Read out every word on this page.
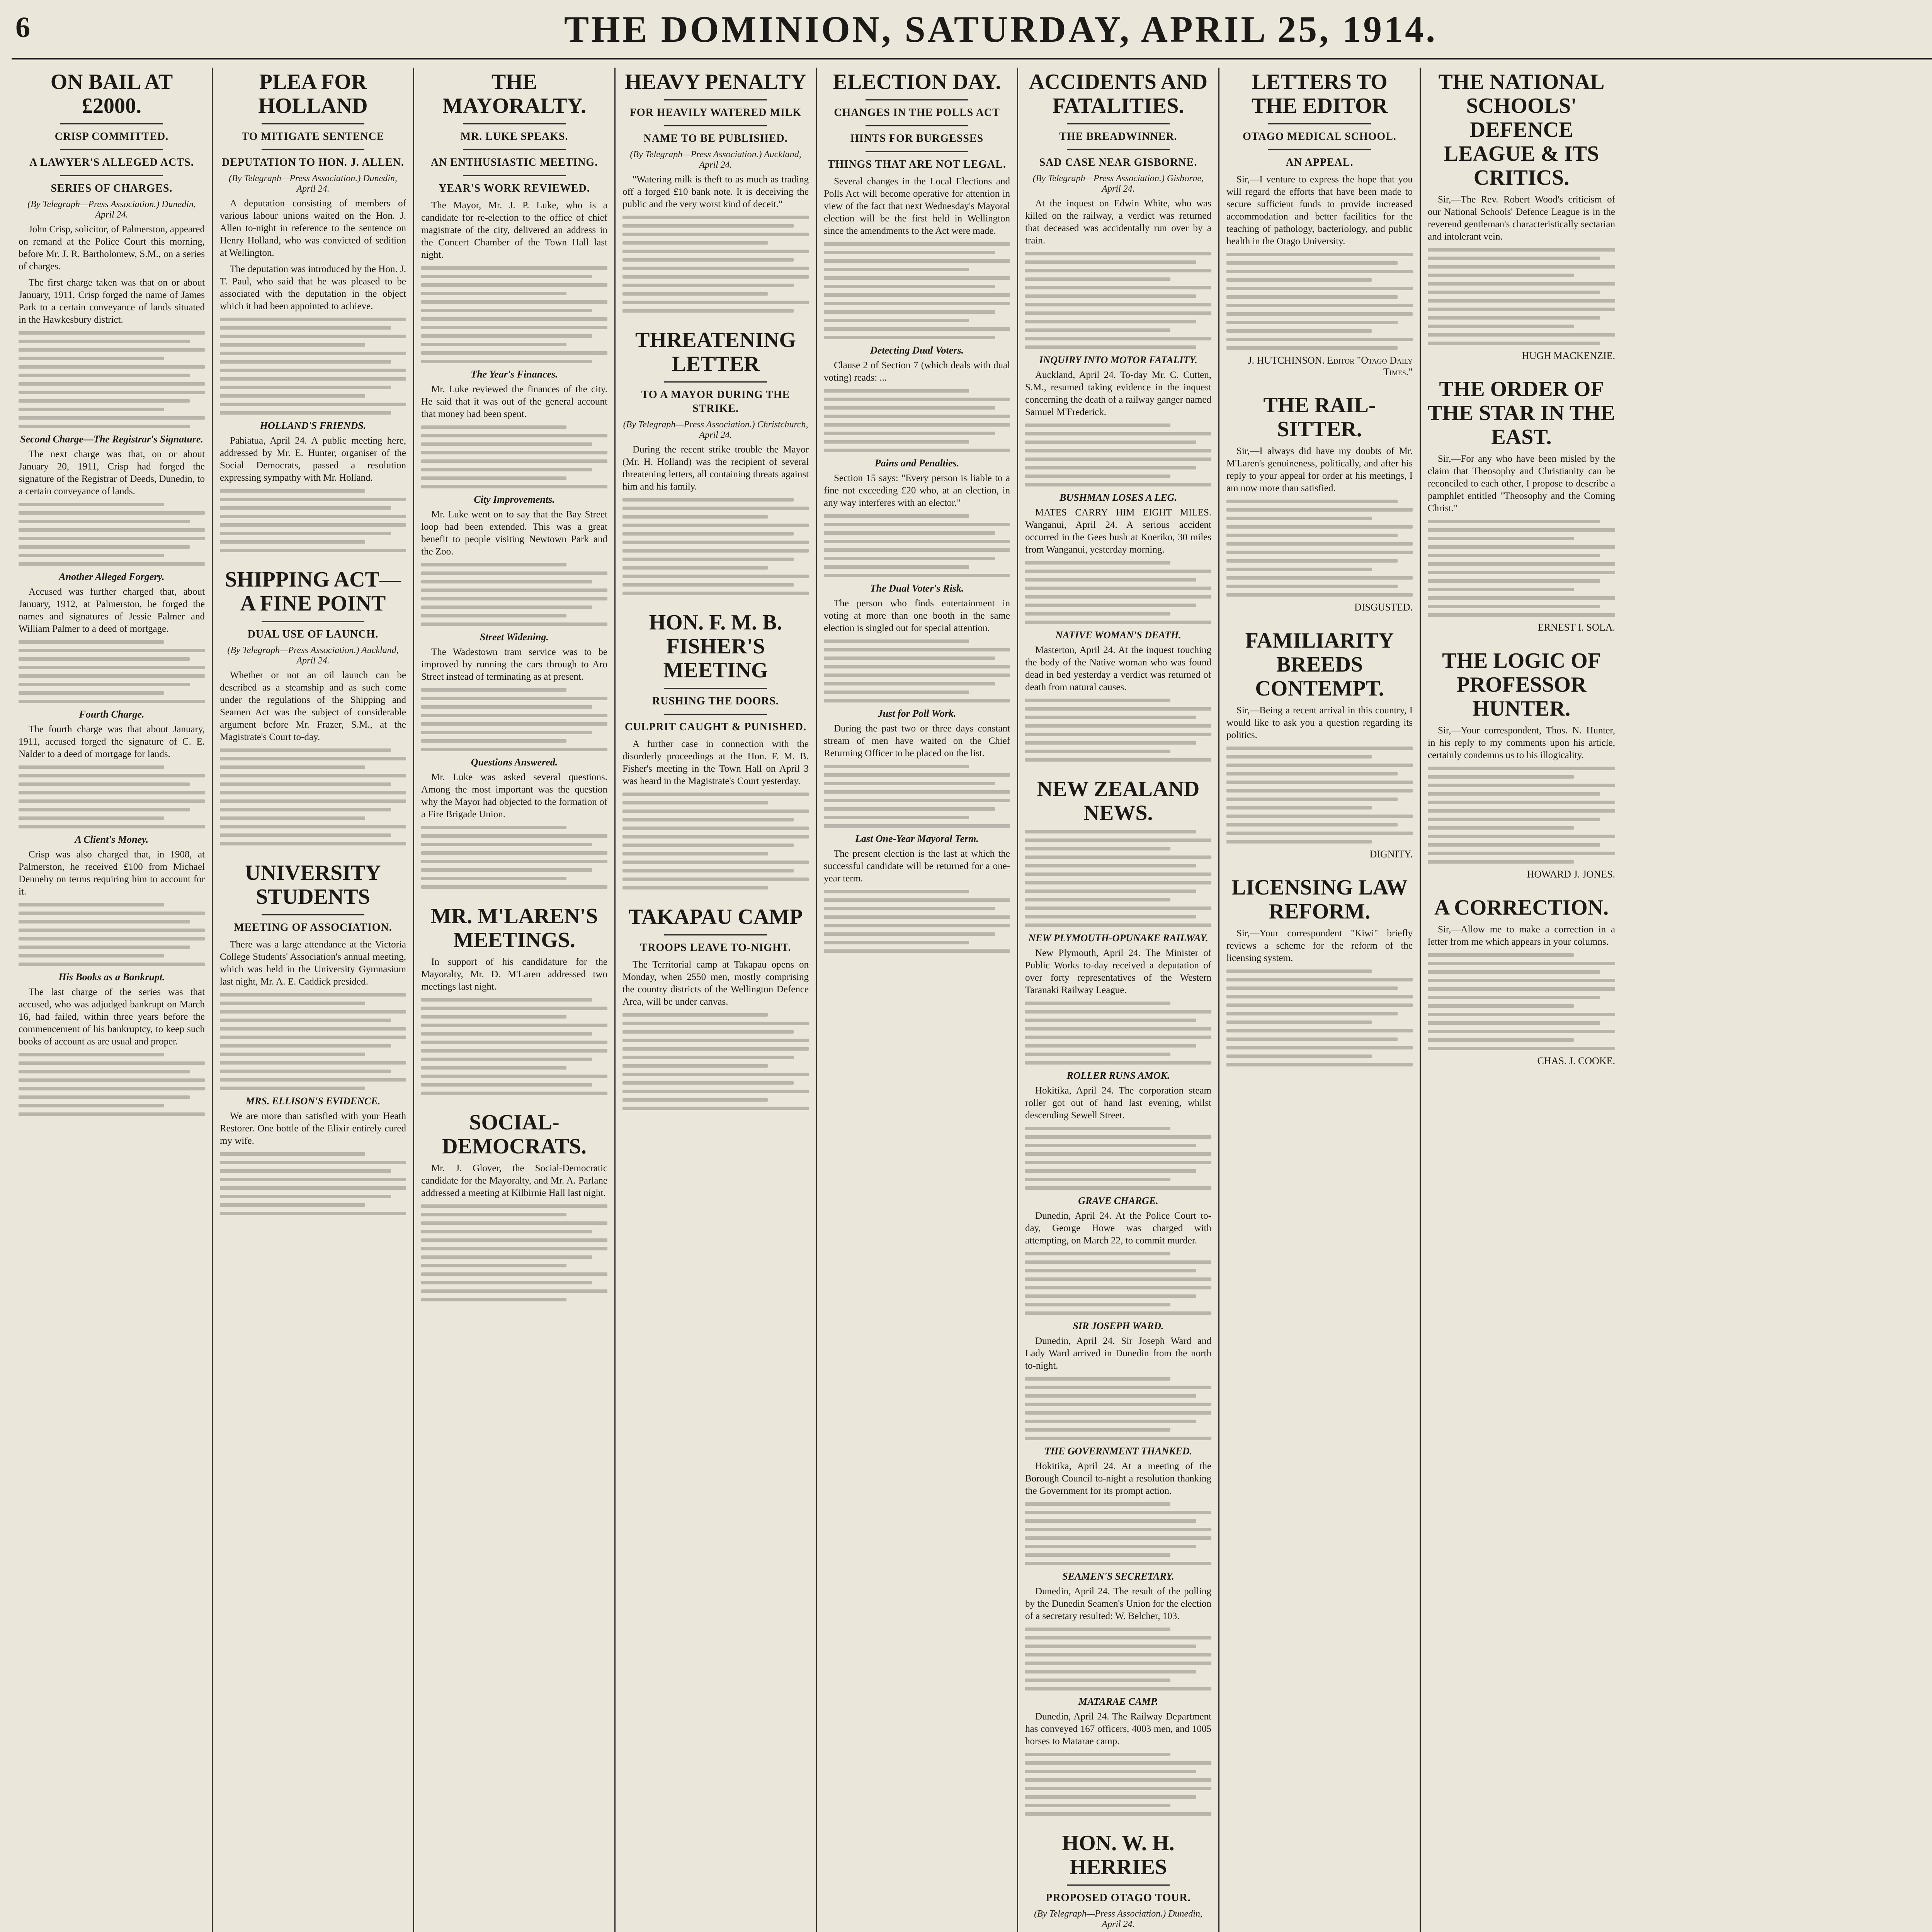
6	THE DOMINION, SATURDAY, APRIL 25, 1914.
ON BAIL AT £2000.
CRISP COMMITTED.
A LAWYER'S ALLEGED ACTS.
SERIES OF CHARGES.
(By Telegraph—Press Association.) Dunedin, April 24.

John Crisp, solicitor, of Palmerston, appeared on remand at the Police Court this morning, before Mr. J. R. Bartholomew, S.M., on a series of charges.

The first charge taken was that on or about January, 1911, Crisp forged the name of James Park to a certain conveyance of lands situated in the Hawkesbury district.

Second Charge—The Registrar's Signature.

The next charge was that, on or about January 20, 1911, Crisp had forged the signature of the Registrar of Deeds, Dunedin, to a certain conveyance of lands.

Another Alleged Forgery.

Accused was further charged that, about January, 1912, at Palmerston, he forged the names and signatures of Jessie Palmer and William Palmer to a deed of mortgage.

Fourth Charge.

The fourth charge was that about January, 1911, accused forged the signature of C. E. Nalder to a deed of mortgage for lands.

A Client's Money.

Crisp was also charged that, in 1908, at Palmerston, he received £100 from Michael Dennehy on terms requiring him to account for it.

His Books as a Bankrupt.

The last charge of the series was that accused, who was adjudged bankrupt on March 16, had failed, within three years before the commencement of his bankruptcy, to keep such books of account as are usual and proper.

PLEA FOR HOLLAND
TO MITIGATE SENTENCE
DEPUTATION TO HON. J. ALLEN.
(By Telegraph—Press Association.) Dunedin, April 24.

A deputation consisting of members of various labour unions waited on the Hon. J. Allen to-night in reference to the sentence on Henry Holland, who was convicted of sedition at Wellington.

The deputation was introduced by the Hon. J. T. Paul, who said that he was pleased to be associated with the deputation in the object which it had been appointed to achieve.

HOLLAND'S FRIENDS.

Pahiatua, April 24. A public meeting here, addressed by Mr. E. Hunter, organiser of the Social Democrats, passed a resolution expressing sympathy with Mr. Holland.

SHIPPING ACT—A FINE POINT
DUAL USE OF LAUNCH.
(By Telegraph—Press Association.) Auckland, April 24.

Whether or not an oil launch can be described as a steamship and as such come under the regulations of the Shipping and Seamen Act was the subject of considerable argument before Mr. Frazer, S.M., at the Magistrate's Court to-day.

UNIVERSITY STUDENTS
MEETING OF ASSOCIATION.

There was a large attendance at the Victoria College Students' Association's annual meeting, which was held in the University Gymnasium last night, Mr. A. E. Caddick presided.

MRS. ELLISON'S EVIDENCE.

We are more than satisfied with your Heath Restorer. One bottle of the Elixir entirely cured my wife.

THE MAYORALTY.
MR. LUKE SPEAKS.
AN ENTHUSIASTIC MEETING.
YEAR'S WORK REVIEWED.

The Mayor, Mr. J. P. Luke, who is a candidate for re-election to the office of chief magistrate of the city, delivered an address in the Concert Chamber of the Town Hall last night.

The Year's Finances.

Mr. Luke reviewed the finances of the city. He said that it was out of the general account that money had been spent.

City Improvements.

Mr. Luke went on to say that the Bay Street loop had been extended. This was a great benefit to people visiting Newtown Park and the Zoo.

Street Widening.

The Wadestown tram service was to be improved by running the cars through to Aro Street instead of terminating as at present.

Questions Answered.

Mr. Luke was asked several questions. Among the most important was the question why the Mayor had objected to the formation of a Fire Brigade Union.

MR. M'LAREN'S MEETINGS.

In support of his candidature for the Mayoralty, Mr. D. M'Laren addressed two meetings last night.

SOCIAL-DEMOCRATS.

Mr. J. Glover, the Social-Democratic candidate for the Mayoralty, and Mr. A. Parlane addressed a meeting at Kilbirnie Hall last night.

HEAVY PENALTY
FOR HEAVILY WATERED MILK
NAME TO BE PUBLISHED.
(By Telegraph—Press Association.) Auckland, April 24.

"Watering milk is theft to as much as trading off a forged £10 bank note. It is deceiving the public and the very worst kind of deceit."

THREATENING LETTER
TO A MAYOR DURING THE STRIKE.
(By Telegraph—Press Association.) Christchurch, April 24.

During the recent strike trouble the Mayor (Mr. H. Holland) was the recipient of several threatening letters, all containing threats against him and his family.

HON. F. M. B. FISHER'S MEETING
RUSHING THE DOORS.
CULPRIT CAUGHT & PUNISHED.

A further case in connection with the disorderly proceedings at the Hon. F. M. B. Fisher's meeting in the Town Hall on April 3 was heard in the Magistrate's Court yesterday.

TAKAPAU CAMP
TROOPS LEAVE TO-NIGHT.

The Territorial camp at Takapau opens on Monday, when 2550 men, mostly comprising the country districts of the Wellington Defence Area, will be under canvas.

ELECTION DAY.
CHANGES IN THE POLLS ACT
HINTS FOR BURGESSES
THINGS THAT ARE NOT LEGAL.

Several changes in the Local Elections and Polls Act will become operative for attention in view of the fact that next Wednesday's Mayoral election will be the first held in Wellington since the amendments to the Act were made.

Detecting Dual Voters.

Clause 2 of Section 7 (which deals with dual voting) reads: ...

Pains and Penalties.

Section 15 says: "Every person is liable to a fine not exceeding £20 who, at an election, in any way interferes with an elector."

The Dual Voter's Risk.

The person who finds entertainment in voting at more than one booth in the same election is singled out for special attention.

Just for Poll Work.

During the past two or three days constant stream of men have waited on the Chief Returning Officer to be placed on the list.

Last One-Year Mayoral Term.

The present election is the last at which the successful candidate will be returned for a one-year term.

ACCIDENTS AND FATALITIES.
THE BREADWINNER.
SAD CASE NEAR GISBORNE.
(By Telegraph—Press Association.) Gisborne, April 24.

At the inquest on Edwin White, who was killed on the railway, a verdict was returned that deceased was accidentally run over by a train.

INQUIRY INTO MOTOR FATALITY.

Auckland, April 24. To-day Mr. C. Cutten, S.M., resumed taking evidence in the inquest concerning the death of a railway ganger named Samuel M'Frederick.

BUSHMAN LOSES A LEG.

MATES CARRY HIM EIGHT MILES. Wanganui, April 24. A serious accident occurred in the Gees bush at Koeriko, 30 miles from Wanganui, yesterday morning.

NATIVE WOMAN'S DEATH.

Masterton, April 24. At the inquest touching the body of the Native woman who was found dead in bed yesterday a verdict was returned of death from natural causes.

NEW ZEALAND NEWS.
NEW PLYMOUTH-OPUNAKE RAILWAY.

New Plymouth, April 24. The Minister of Public Works to-day received a deputation of over forty representatives of the Western Taranaki Railway League.

ROLLER RUNS AMOK.

Hokitika, April 24. The corporation steam roller got out of hand last evening, whilst descending Sewell Street.

GRAVE CHARGE.

Dunedin, April 24. At the Police Court to-day, George Howe was charged with attempting, on March 22, to commit murder.

SIR JOSEPH WARD.

Dunedin, April 24. Sir Joseph Ward and Lady Ward arrived in Dunedin from the north to-night.

THE GOVERNMENT THANKED.

Hokitika, April 24. At a meeting of the Borough Council to-night a resolution thanking the Government for its prompt action.

SEAMEN'S SECRETARY.

Dunedin, April 24. The result of the polling by the Dunedin Seamen's Union for the election of a secretary resulted: W. Belcher, 103.

MATARAE CAMP.

Dunedin, April 24. The Railway Department has conveyed 167 officers, 4003 men, and 1005 horses to Matarae camp.

HON. W. H. HERRIES
PROPOSED OTAGO TOUR.
(By Telegraph—Press Association.) Dunedin, April 24.

LETTERS TO THE EDITOR
OTAGO MEDICAL SCHOOL.
AN APPEAL.

Sir,—I venture to express the hope that you will regard the efforts that have been made to secure sufficient funds to provide increased accommodation and better facilities for the teaching of pathology, bacteriology, and public health in the Otago University.

J. HUTCHINSON. Editor "Otago Daily Times."
THE RAIL-SITTER.

Sir,—I always did have my doubts of Mr. M'Laren's genuineness, politically, and after his reply to your appeal for order at his meetings, I am now more than satisfied.

DISGUSTED.
FAMILIARITY BREEDS CONTEMPT.

Sir,—Being a recent arrival in this country, I would like to ask you a question regarding its politics.

DIGNITY.
LICENSING LAW REFORM.

Sir,—Your correspondent "Kiwi" briefly reviews a scheme for the reform of the licensing system.

THE NATIONAL SCHOOLS' DEFENCE LEAGUE & ITS CRITICS.

Sir,—The Rev. Robert Wood's criticism of our National Schools' Defence League is in the reverend gentleman's characteristically sectarian and intolerant vein.

HUGH MACKENZIE.
THE ORDER OF THE STAR IN THE EAST.

Sir,—For any who have been misled by the claim that Theosophy and Christianity can be reconciled to each other, I propose to describe a pamphlet entitled "Theosophy and the Coming Christ."

ERNEST I. SOLA.
THE LOGIC OF PROFESSOR HUNTER.

Sir,—Your correspondent, Thos. N. Hunter, in his reply to my comments upon his article, certainly condemns us to his illogicality.

HOWARD J. JONES.
A CORRECTION.

Sir,—Allow me to make a correction in a letter from me which appears in your columns.

CHAS. J. COOKE.
